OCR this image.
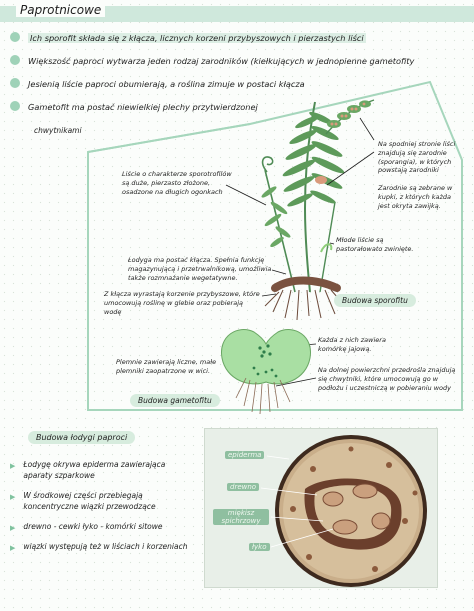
Paprotnicowe
Ich sporofit składa się z kłącza, licznych korzeni przybyszowych i pierzastych liści
Większość paproci wytwarza jeden rodzaj zarodników (kiełkujących w jednopienne gametofity
Jesienią liście paproci obumierają, a roślina zimuje w postaci kłącza
Gametofit ma postać niewielkiej plechy przytwierdzonej
chwytnikami
Liście o charakterze sporotrofilów są duże, pierzasto złożone, osadzone na długich ogonkach
Na spodniej stronie liści znajdują się zarodnie (sporangia), w których powstają zarodniki
Zarodnie są zebrane w kupki, z których każda jest okryta zawijką.
Młode liście są pastorałowato zwinięte.
Łodyga ma postać kłącza. Spełnia funkcję magazynującą i przetrwalnikową, umożliwia także rozmnażanie wegetatywne.
Z kłącza wyrastają korzenie przybyszowe, które umocowują roślinę w glebie oraz pobierają wodę
Budowa sporofitu
Każda z nich zawiera komórkę jajową.
Plemnie zawierają liczne, małe plemniki zaopatrzone w wici.	Na dolnej powierzchni przedrośla znajdują się chwytniki, które umocowują go w podłożu i uczestniczą w pobieraniu wody
Budowa gametofitu
Budowa łodygi paproci
▶ Łodygę okrywa epiderma zawierająca aparaty szparkowe
▶ W środkowej części przebiegają koncentryczne wiązki przewodzące
▶ drewno - cewki łyko - komórki sitowe
▶ wiązki występują też w liściach i korzeniach
epiderma
drewno
miękisz spichrzowy
łyko
